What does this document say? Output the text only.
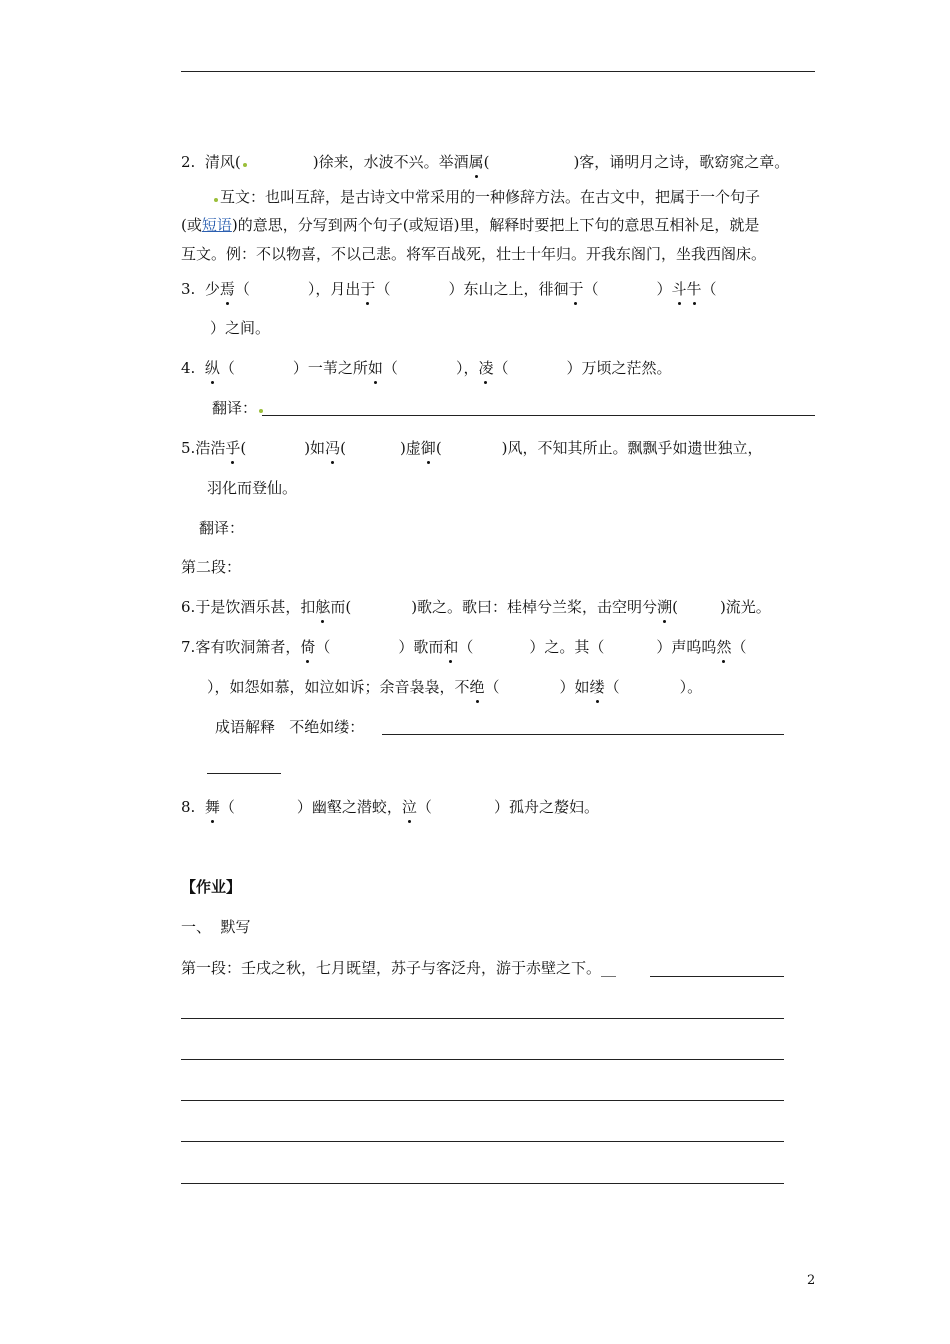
2. 清风(	)徐来，水波不兴。举酒属(	)客，诵明月之诗，歌窈窕之章。
互文：也叫互辞，是古诗文中常采用的一种修辞方法。在古文中，把属于一个句子
(或短语)的意思，分写到两个句子(或短语)里，解释时要把上下句的意思互相补足，就是
互文。例：不以物喜，不以己悲。将军百战死，壮士十年归。开我东阁门，坐我西阁床。
3. 少焉（	），月出于（	）东山之上，徘徊于（	）斗牛（
）之间。
4. 纵（	）一苇之所如（	），凌（	）万顷之茫然。
翻译：
5.浩浩乎(	)如冯(	)虚御(	)风，不知其所止。飘飘乎如遗世独立，
羽化而登仙。
翻译：
第二段：
6.于是饮酒乐甚，扣舷而(	)歌之。歌曰：桂棹兮兰桨，击空明兮溯(	)流光。
7.客有吹洞箫者，倚（	）歌而和（	）之。其（	）声呜呜然（
），如怨如慕，如泣如诉；余音袅袅，不绝（	）如缕（	）。
成语解释   不绝如缕：
8. 舞（	）幽壑之潜蛟，泣（	）孤舟之嫠妇。
【作业】
一、  默写
第一段：壬戌之秋，七月既望，苏子与客泛舟，游于赤壁之下。__
2
